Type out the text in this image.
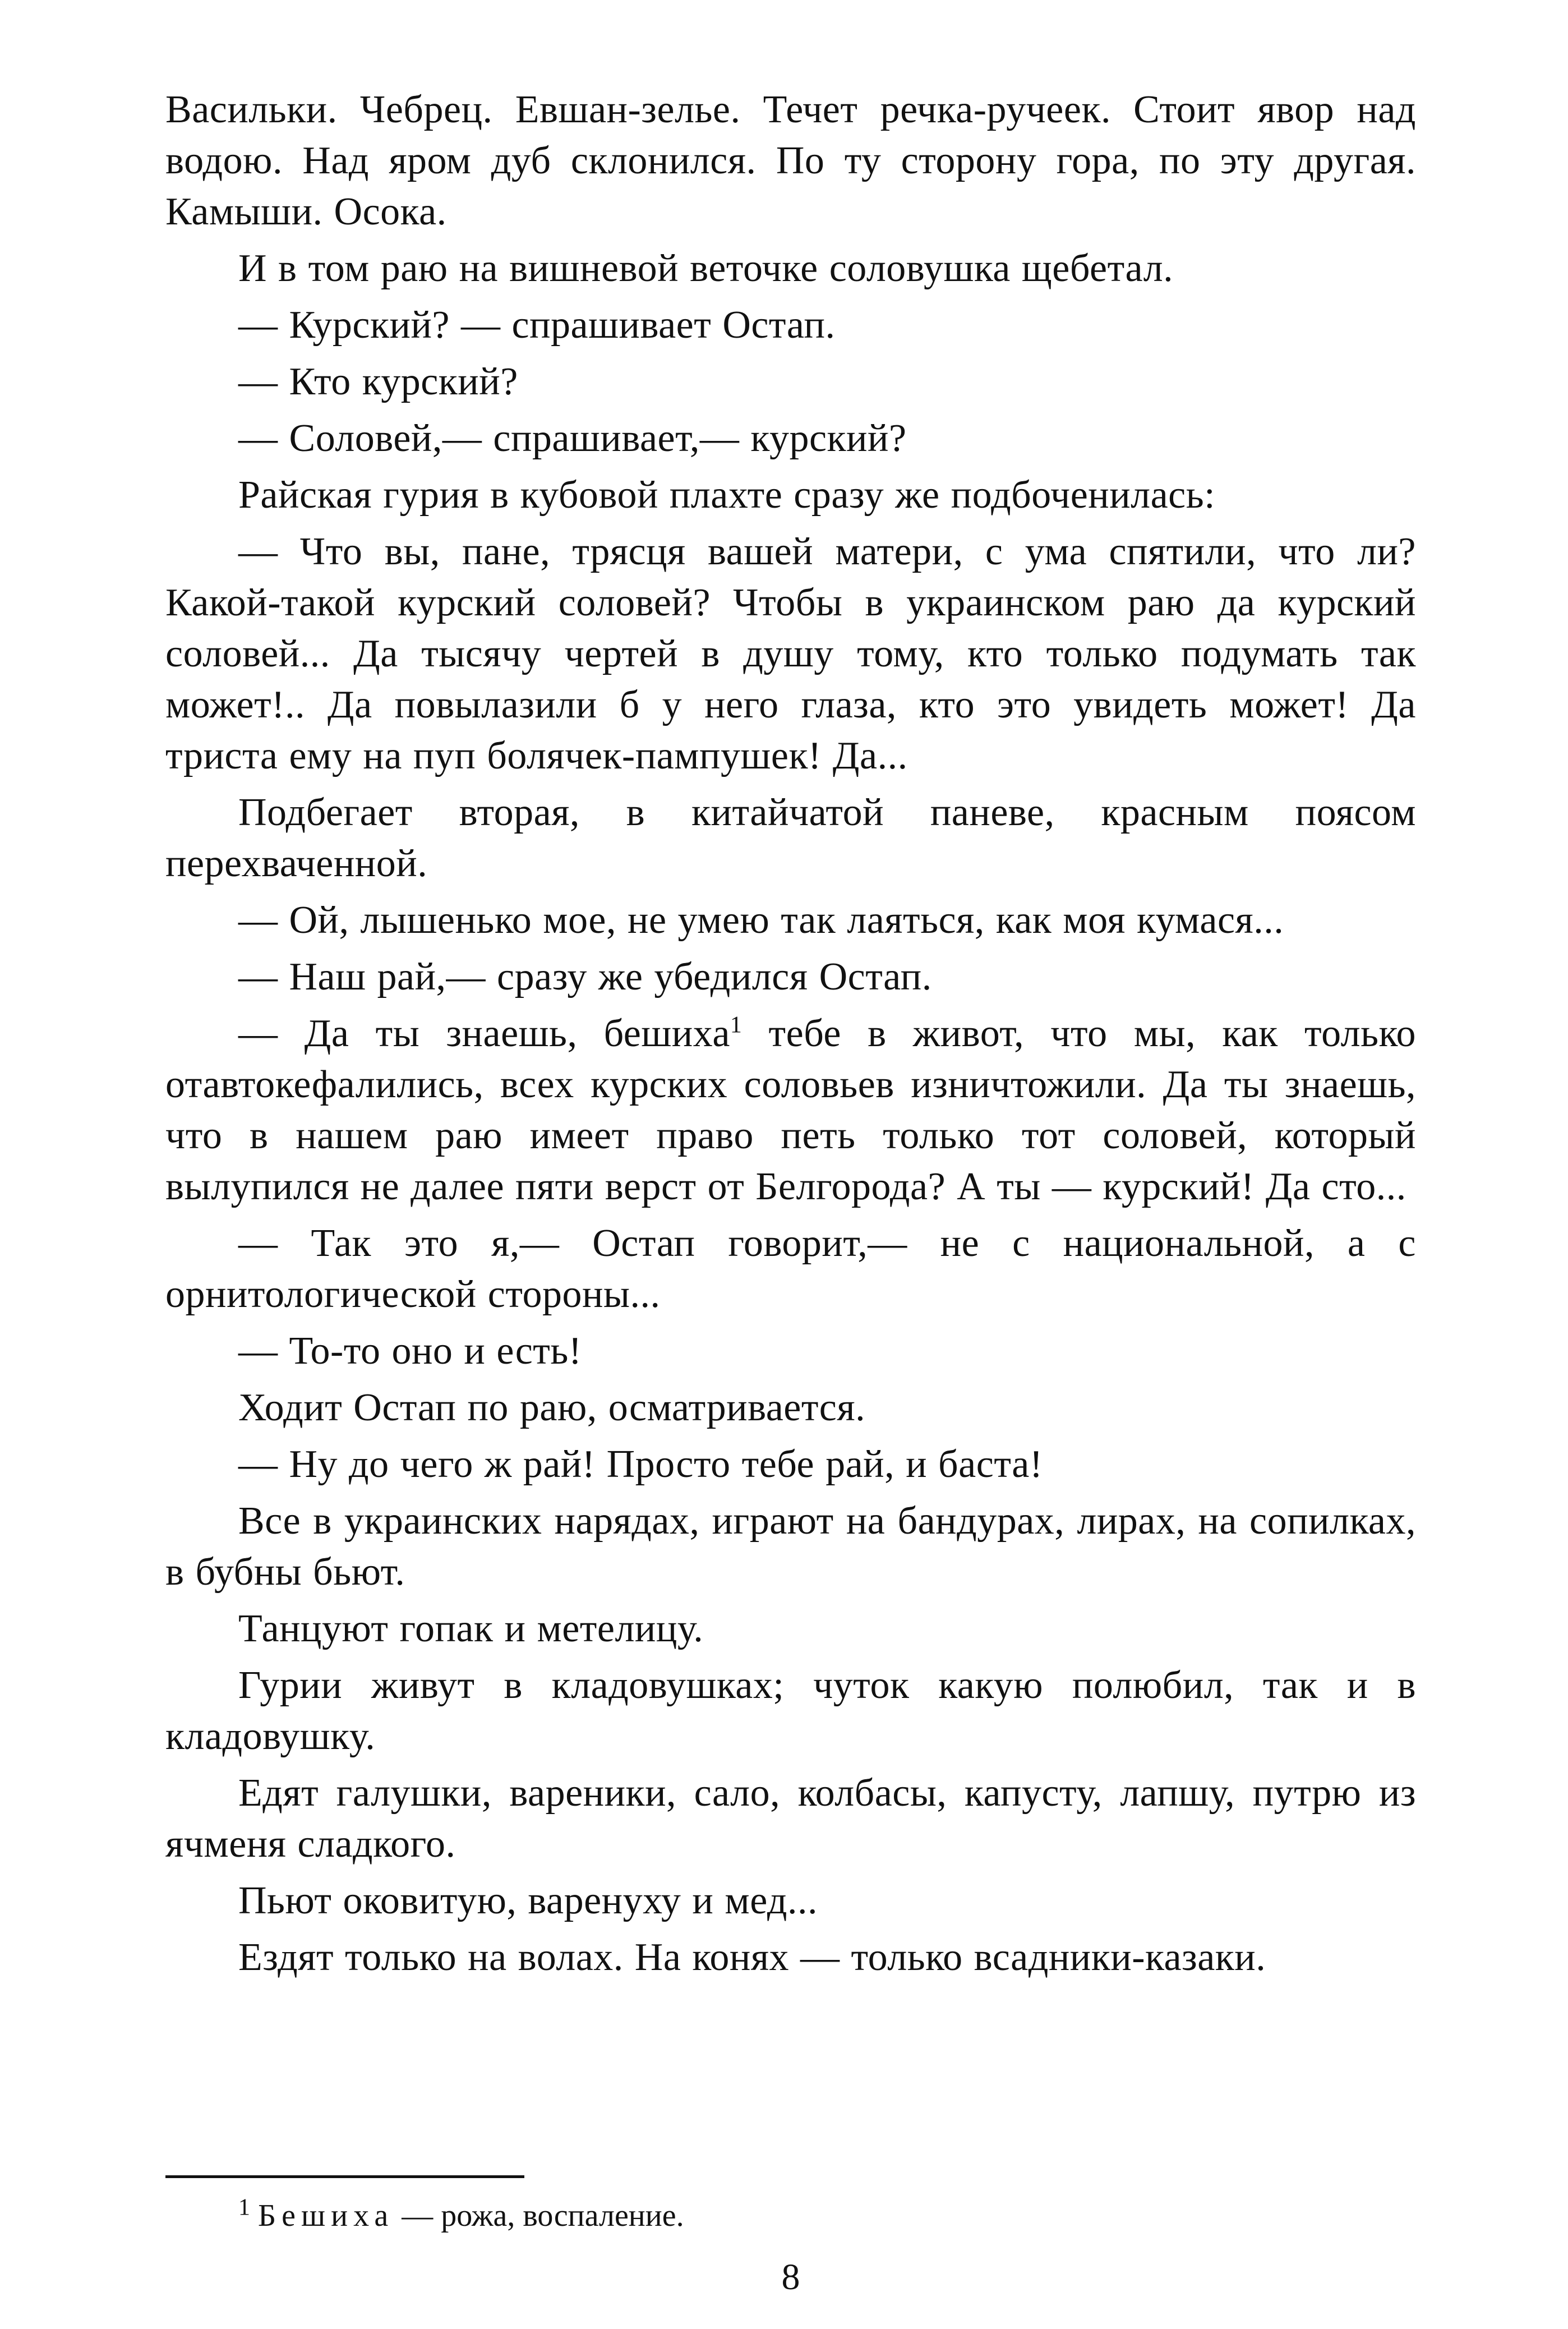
Васильки. Чебрец. Евшан-зелье. Течет речка-ручеек. Стоит явор над водою. Над яром дуб склонился. По ту сторону гора, по эту другая. Камыши. Осока.

И в том раю на вишневой веточке соловушка щебетал.

— Курский? — спрашивает Остап.

— Кто курский?

— Соловей,— спрашивает,— курский?

Райская гурия в кубовой плахте сразу же подбоченилась:

— Что вы, пане, трясця вашей матери, с ума спятили, что ли? Какой-такой курский соловей? Чтобы в украинском раю да курский соловей... Да тысячу чертей в душу тому, кто только подумать так может!.. Да повылазили б у него глаза, кто это увидеть может! Да триста ему на пуп болячек-пампушек! Да...

Подбегает вторая, в китайчатой паневе, красным поясом перехваченной.

— Ой, лышенько мое, не умею так лаяться, как моя кумася...

— Наш рай,— сразу же убедился Остап.

— Да ты знаешь, бешиха$^1$ тебе в живот, что мы, как только отавтокефалились, всех курских соловьев изничтожили. Да ты знаешь, что в нашем раю имеет право петь только тот соловей, который вылупился не далее пяти верст от Белгорода? А ты — курский! Да сто...

— Так это я,— Остап говорит,— не с национальной, а с орнитологической стороны...

— То-то оно и есть!

Ходит Остап по раю, осматривается.

— Ну до чего ж рай! Просто тебе рай, и баста!

Все в украинских нарядах, играют на бандурах, лирах, на сопилках, в бубны бьют.

Танцуют гопак и метелицу.

Гурии живут в кладовушках; чуток какую полюбил, так и в кладовушку.

Едят галушки, вареники, сало, колбасы, капусту, лапшу, путрю из ячменя сладкого.

Пьют оковитую, варенуху и мед...

Ездят только на волах. На конях — только всадники-казаки.

$^1$ Бешиха — рожа, воспаление.
8
